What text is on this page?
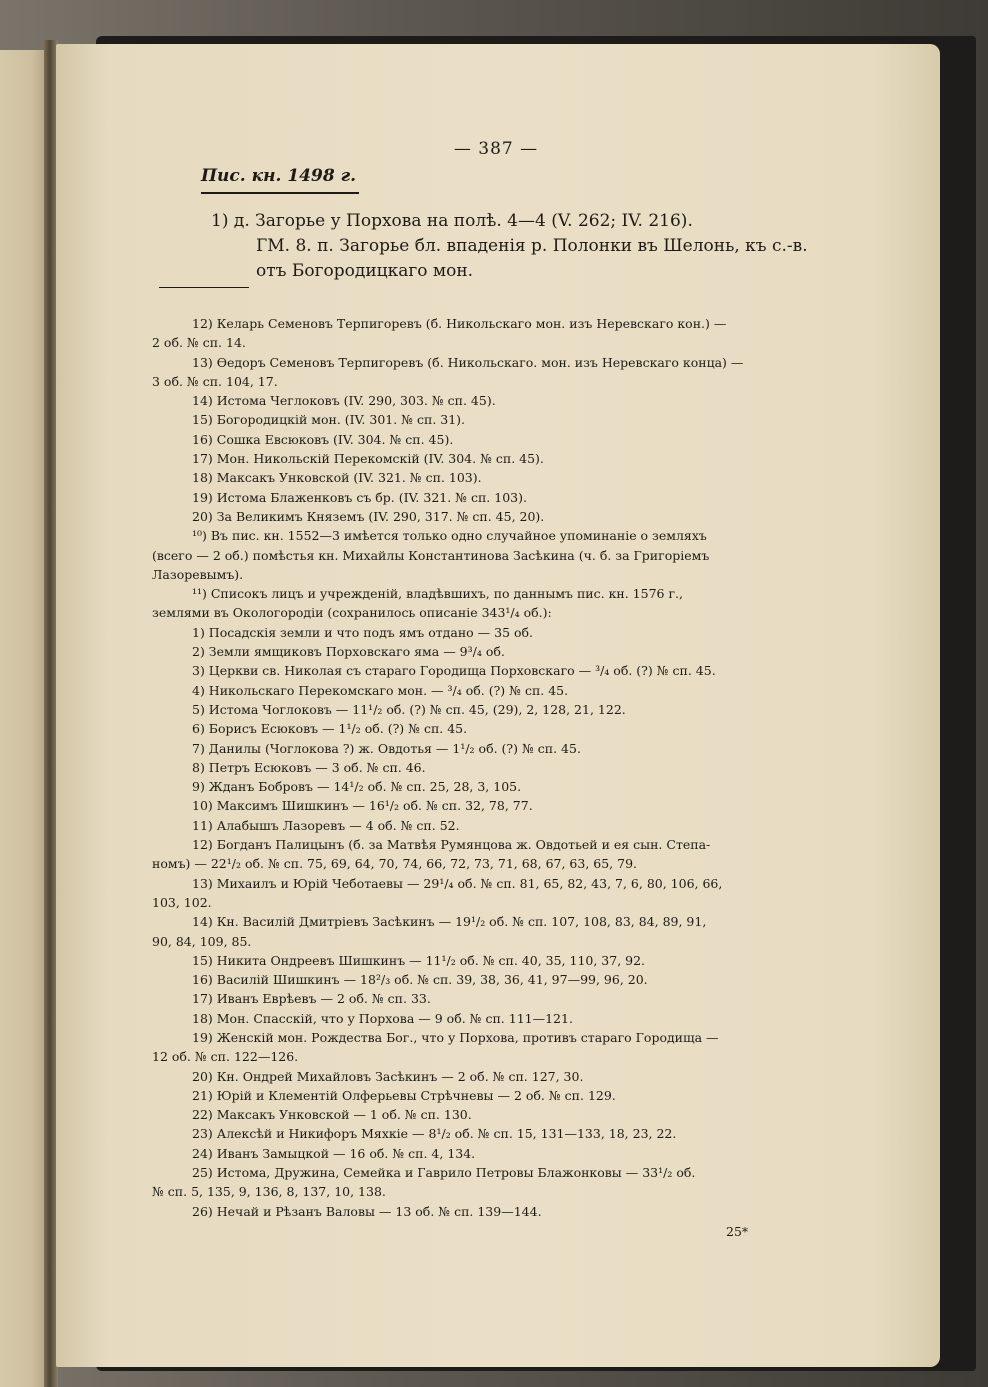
— 387 —
Пис. кн. 1498 г.
1) д. Загорье у Порхова на полѣ. 4—4 (V. 262; IV. 216).
ГМ. 8. п. Загорье бл. впаденія р. Полонки въ Шелонь, къ с.-в.
отъ Богородицкаго мон.
12) Келарь Семеновъ Терпигоревъ (б. Никольскаго мон. изъ Неревскаго кон.) —
2 об. № сп. 14.
13) Ѳедоръ Семеновъ Терпигоревъ (б. Никольскаго. мон. изъ Неревскаго конца) —
3 об. № сп. 104, 17.
14) Истома Чеглоковъ (IV. 290, 303. № сп. 45).
15) Богородицкій мон. (IV. 301. № сп. 31).
16) Сошка Евсюковъ (IV. 304. № сп. 45).
17) Мон. Никольскій Перекомскій (IV. 304. № сп. 45).
18) Максакъ Унковской (IV. 321. № сп. 103).
19) Истома Блаженковъ съ бр. (IV. 321. № сп. 103).
20) За Великимъ Княземъ (IV. 290, 317. № сп. 45, 20).
¹⁰) Въ пис. кн. 1552—3 имѣется только одно случайное упоминаніе о земляхъ
(всего — 2 об.) помѣстья кн. Михайлы Константинова Засѣкина (ч. б. за Григоріемъ
Лазоревымъ).
¹¹) Списокъ лицъ и учрежденій, владѣвшихъ, по даннымъ пис. кн. 1576 г.,
землями въ Окологородіи (сохранилось описаніе 343¹/₄ об.):
1) Посадскія земли и что подъ ямъ отдано — 35 об.
2) Земли ямщиковъ Порховскаго яма — 9³/₄ об.
3) Церкви св. Николая съ стараго Городища Порховскаго — ³/₄ об. (?) № сп. 45.
4) Никольскаго Перекомскаго мон. — ³/₄ об. (?) № сп. 45.
5) Истома Чоглоковъ — 11¹/₂ об. (?) № сп. 45, (29), 2, 128, 21, 122.
6) Борисъ Есюковъ — 1¹/₂ об. (?) № сп. 45.
7) Данилы (Чоглокова ?) ж. Овдотья — 1¹/₂ об. (?) № сп. 45.
8) Петръ Есюковъ — 3 об. № сп. 46.
9) Жданъ Бобровъ — 14¹/₂ об. № сп. 25, 28, 3, 105.
10) Максимъ Шишкинъ — 16¹/₂ об. № сп. 32, 78, 77.
11) Алабышъ Лазоревъ — 4 об. № сп. 52.
12) Богданъ Палицынъ (б. за Матвѣя Румянцова ж. Овдотьей и ея сын. Степа-
номъ) — 22¹/₂ об. № сп. 75, 69, 64, 70, 74, 66, 72, 73, 71, 68, 67, 63, 65, 79.
13) Михаилъ и Юрій Чеботаевы — 29¹/₄ об. № сп. 81, 65, 82, 43, 7, 6, 80, 106, 66,
103, 102.
14) Кн. Василій Дмитріевъ Засѣкинъ — 19¹/₂ об. № сп. 107, 108, 83, 84, 89, 91,
90, 84, 109, 85.
15) Никита Ондреевъ Шишкинъ — 11¹/₂ об. № сп. 40, 35, 110, 37, 92.
16) Василій Шишкинъ — 18²/₃ об. № сп. 39, 38, 36, 41, 97—99, 96, 20.
17) Иванъ Еврѣевъ — 2 об. № сп. 33.
18) Мон. Спасскій, что у Порхова — 9 об. № сп. 111—121.
19) Женскій мон. Рождества Бог., что у Порхова, противъ стараго Городища —
12 об. № сп. 122—126.
20) Кн. Ондрей Михайловъ Засѣкинъ — 2 об. № сп. 127, 30.
21) Юрій и Клементій Олферьевы Стрѣчневы — 2 об. № сп. 129.
22) Максакъ Унковской — 1 об. № сп. 130.
23) Алексѣй и Никифоръ Мяхкіе — 8¹/₂ об. № сп. 15, 131—133, 18, 23, 22.
24) Иванъ Замыцкой — 16 об. № сп. 4, 134.
25) Истома, Дружина, Семейка и Гаврило Петровы Блажонковы — 33¹/₂ об.
№ сп. 5, 135, 9, 136, 8, 137, 10, 138.
26) Нечай и Рѣзанъ Валовы — 13 об. № сп. 139—144.
25*
